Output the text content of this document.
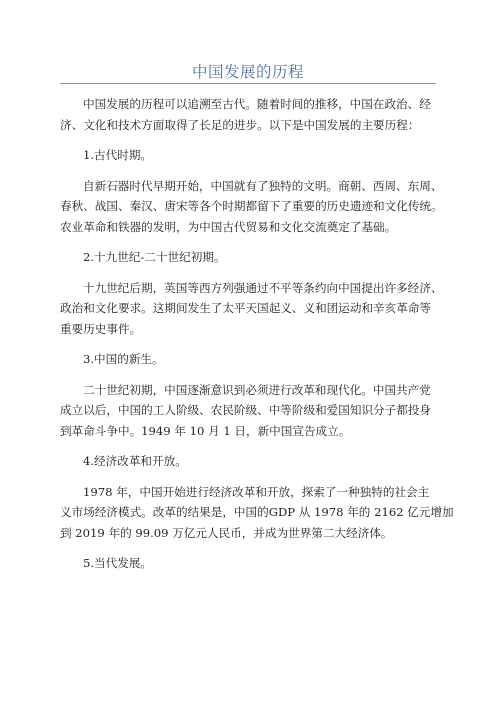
中国发展的历程
中国发展的历程可以追溯至古代。随着时间的推移，中国在政治、经
济、文化和技术方面取得了长足的进步。以下是中国发展的主要历程：
1.古代时期。
自新石器时代早期开始，中国就有了独特的文明。商朝、西周、东周、
春秋、战国、秦汉、唐宋等各个时期都留下了重要的历史遗迹和文化传统。
农业革命和铁器的发明，为中国古代贸易和文化交流奠定了基础。
2.十九世纪-二十世纪初期。
十九世纪后期，英国等西方列强通过不平等条约向中国提出许多经济、
政治和文化要求。这期间发生了太平天国起义、义和团运动和辛亥革命等
重要历史事件。
3.中国的新生。
二十世纪初期，中国逐渐意识到必须进行改革和现代化。中国共产党
成立以后，中国的工人阶级、农民阶级、中等阶级和爱国知识分子都投身
到革命斗争中。1949 年 10 月 1 日，新中国宣告成立。
4.经济改革和开放。
1978 年，中国开始进行经济改革和开放，探索了一种独特的社会主
义市场经济模式。改革的结果是，中国的GDP 从 1978 年的 2162 亿元增加
到 2019 年的 99.09 万亿元人民币，并成为世界第二大经济体。
5.当代发展。
